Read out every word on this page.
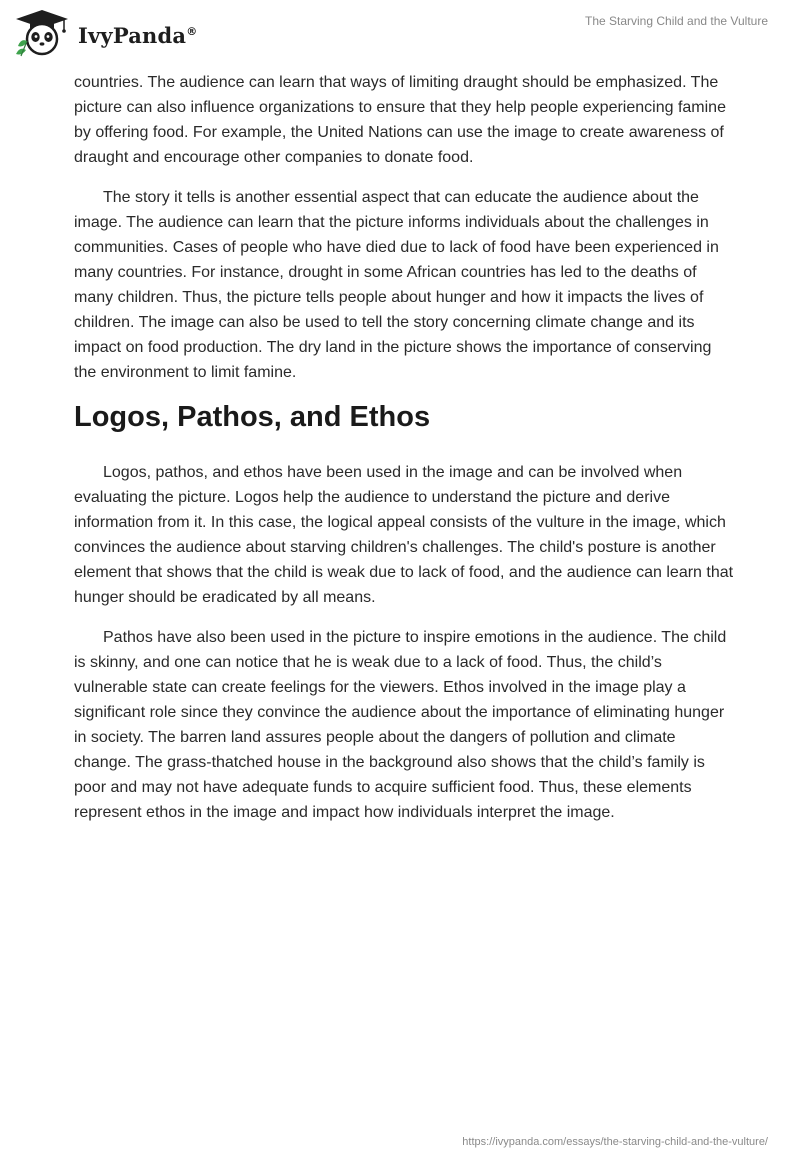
IvyPanda®
The Starving Child and the Vulture

countries. The audience can learn that ways of limiting draught should be emphasized. The picture can also influence organizations to ensure that they help people experiencing famine by offering food. For example, the United Nations can use the image to create awareness of draught and encourage other companies to donate food.

The story it tells is another essential aspect that can educate the audience about the image. The audience can learn that the picture informs individuals about the challenges in communities. Cases of people who have died due to lack of food have been experienced in many countries. For instance, drought in some African countries has led to the deaths of many children. Thus, the picture tells people about hunger and how it impacts the lives of children. The image can also be used to tell the story concerning climate change and its impact on food production. The dry land in the picture shows the importance of conserving the environment to limit famine.

Logos, Pathos, and Ethos

Logos, pathos, and ethos have been used in the image and can be involved when evaluating the picture. Logos help the audience to understand the picture and derive information from it. In this case, the logical appeal consists of the vulture in the image, which convinces the audience about starving children's challenges. The child's posture is another element that shows that the child is weak due to lack of food, and the audience can learn that hunger should be eradicated by all means.

Pathos have also been used in the picture to inspire emotions in the audience. The child is skinny, and one can notice that he is weak due to a lack of food. Thus, the child’s vulnerable state can create feelings for the viewers. Ethos involved in the image play a significant role since they convince the audience about the importance of eliminating hunger in society. The barren land assures people about the dangers of pollution and climate change. The grass-thatched house in the background also shows that the child’s family is poor and may not have adequate funds to acquire sufficient food. Thus, these elements represent ethos in the image and impact how individuals interpret the image.

https://ivypanda.com/essays/the-starving-child-and-the-vulture/
